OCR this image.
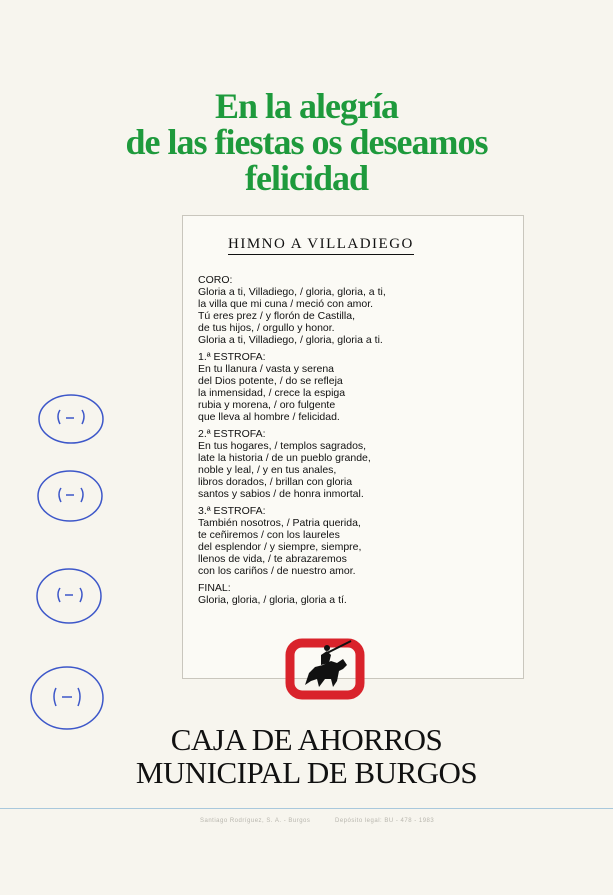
En la alegría
de las fiestas os deseamos
felicidad
HIMNO A VILLADIEGO
CORO:
Gloria a ti, Villadiego, / gloria, gloria, a ti,
la villa que mi cuna / meció con amor.
Tú eres prez / y florón de Castilla,
de tus hijos, / orgullo y honor.
Gloria a ti, Villadiego, / gloria, gloria a ti.
1.ª ESTROFA:
En tu llanura / vasta y serena
del Dios potente, / do se refleja
la inmensidad, / crece la espiga
rubia y morena, / oro fulgente
que lleva al hombre / felicidad.
2.ª ESTROFA:
En tus hogares, / templos sagrados,
late la historia / de un pueblo grande,
noble y leal, / y en tus anales,
libros dorados, / brillan con gloria
santos y sabios / de honra inmortal.
3.ª ESTROFA:
También nosotros, / Patria querida,
te ceñiremos / con los laureles
del esplendor / y siempre, siempre,
llenos de vida, / te abrazaremos
con los cariños / de nuestro amor.
FINAL:
Gloria, gloria, / gloria, gloria a tí.
CAJA DE AHORROS
MUNICIPAL DE BURGOS
Santiago Rodríguez, S. A. - Burgos	Depósito legal: BU - 478 - 1983
